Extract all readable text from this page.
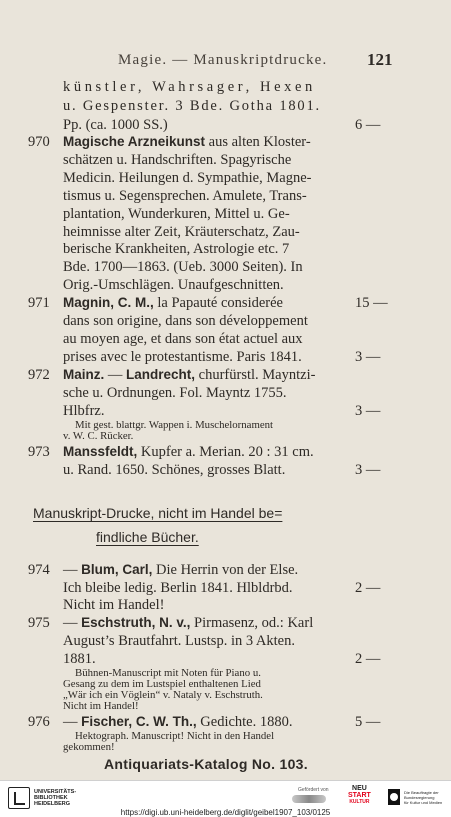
Magie. — Manuskriptdrucke. 121
künstler, Wahrsager, Hexen
u. Gespenster. 3 Bde. Gotha 1801.
Pp. (ca. 1000 SS.)	6 —
970 Magische Arzneikunst aus alten Kloster-
schätzen u. Handschriften. Spagyrische
Medicin. Heilungen d. Sympathie, Magne-
tismus u. Segensprechen. Amulete, Trans-
plantation, Wunderkuren, Mittel u. Ge-
heimnisse alter Zeit, Kräuterschatz, Zau-
berische Krankheiten, Astrologie etc. 7
Bde. 1700—1863. (Ueb. 3000 Seiten). In
Orig.-Umschlägen. Unaufgeschnitten.
971 Magnin, C. M., la Papauté considerée	15 —
dans son origine, dans son développement
au moyen age, et dans son état actuel aux
prises avec le protestantisme. Paris 1841.	3 —
972 Mainz. — Landrecht, churfürstl. Mayntzi-
sche u. Ordnungen. Fol. Mayntz 1755.
Hlbfrz.	3 —
Mit gest. blattgr. Wappen i. Muschelornament
v. W. C. Rücker.
973 Manssfeldt, Kupfer a. Merian. 20 : 31 cm.
u. Rand. 1650. Schönes, grosses Blatt.	3 —
Manuskript-Drucke, nicht im Handel be=
findliche Bücher.
974 — Blum, Carl, Die Herrin von der Else.
Ich bleibe ledig. Berlin 1841. Hlbldrbd.	2 —
Nicht im Handel!
975 — Eschstruth, N. v., Pirmasenz, od.: Karl
August’s Brautfahrt. Lustsp. in 3 Akten.
1881.	2 —
Bühnen-Manuscript mit Noten für Piano u.
Gesang zu dem im Lustspiel enthaltenen Lied
„Wär ich ein Vöglein“ v. Nataly v. Eschstruth.
Nicht im Handel!
976 — Fischer, C. W. Th., Gedichte. 1880.	5 —
Hektograph. Manuscript! Nicht in den Handel
gekommen!
Antiquariats-Katalog No. 103.
UNIVERSITÄTS-
BIBLIOTHEK
HEIDELBERG
Gefördert von	NEU
START
KULTUR
Die Beauftragte der Bundesregierung
für Kultur und Medien
https://digi.ub.uni-heidelberg.de/diglit/geibel1907_103/0125
